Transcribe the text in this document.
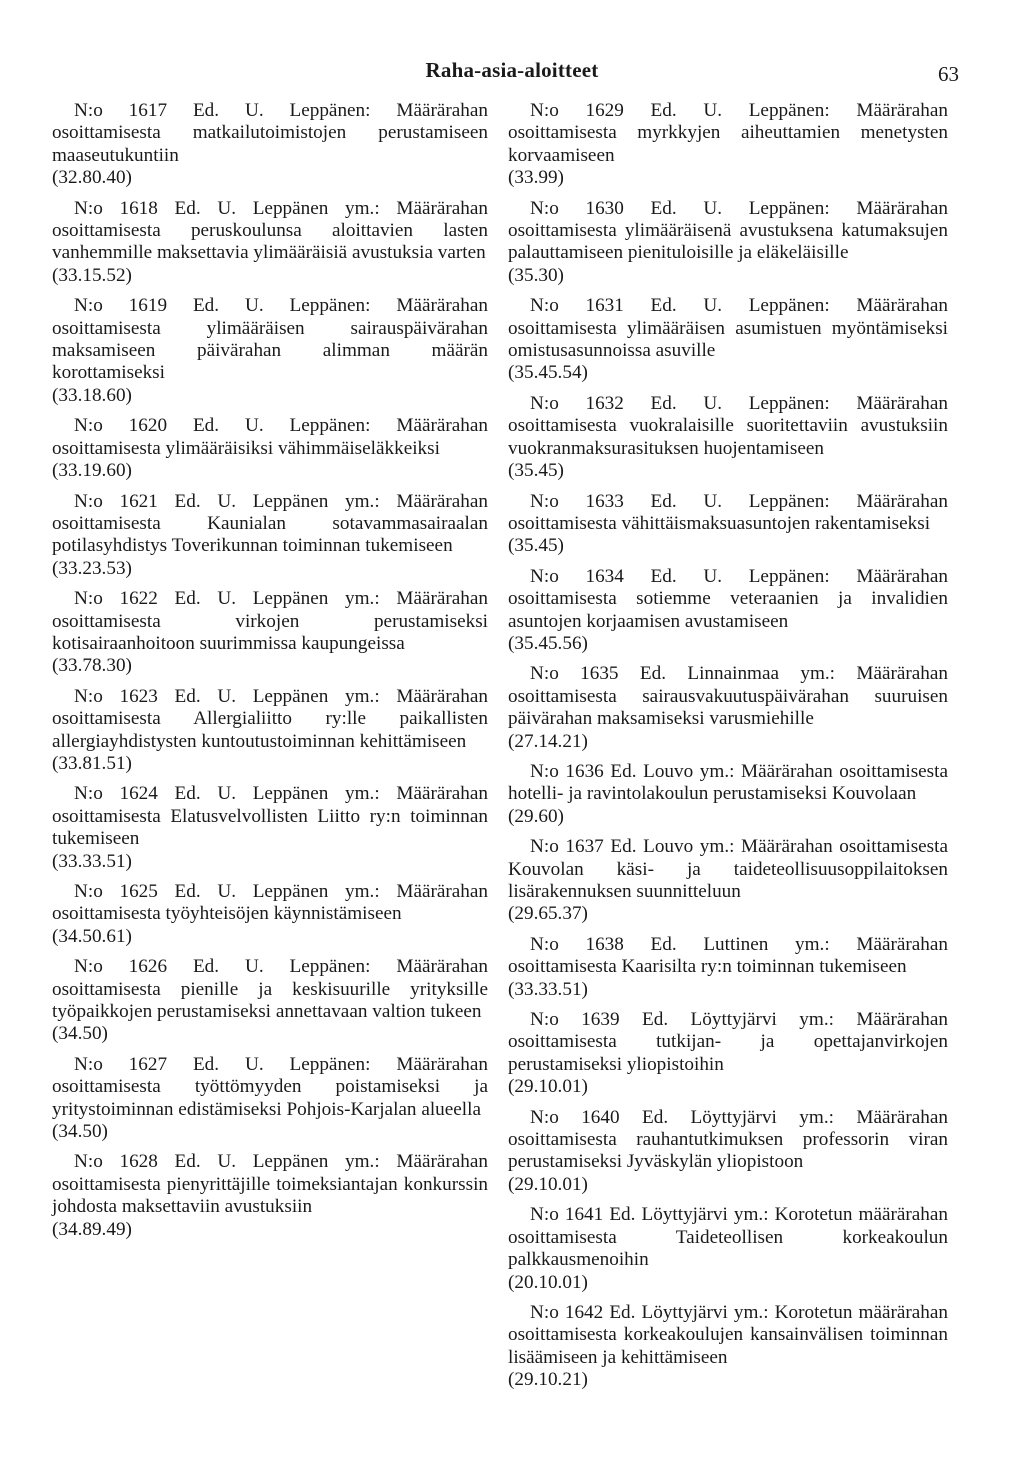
Raha-asia-aloitteet	63

N:o 1617 Ed. U. Leppänen: Määrärahan osoittamisesta matkailutoimistojen perustamiseen maaseutukuntiin

(32.80.40)

N:o 1618 Ed. U. Leppänen ym.: Määrärahan osoittamisesta peruskoulunsa aloittavien lasten vanhemmille maksettavia ylimääräisiä avustuksia varten

(33.15.52)

N:o 1619 Ed. U. Leppänen: Määrärahan osoittamisesta ylimääräisen sairauspäivärahan maksamiseen päivärahan alimman määrän korottamiseksi

(33.18.60)

N:o 1620 Ed. U. Leppänen: Määrärahan osoittamisesta ylimääräisiksi vähimmäiseläkkeiksi

(33.19.60)

N:o 1621 Ed. U. Leppänen ym.: Määrärahan osoittamisesta Kaunialan sotavammasairaalan potilasyhdistys Toverikunnan toiminnan tukemiseen

(33.23.53)

N:o 1622 Ed. U. Leppänen ym.: Määrärahan osoittamisesta virkojen perustamiseksi kotisairaanhoitoon suurimmissa kaupungeissa

(33.78.30)

N:o 1623 Ed. U. Leppänen ym.: Määrärahan osoittamisesta Allergialiitto ry:lle paikallisten allergiayhdistysten kuntoutustoiminnan kehittämiseen

(33.81.51)

N:o 1624 Ed. U. Leppänen ym.: Määrärahan osoittamisesta Elatusvelvollisten Liitto ry:n toiminnan tukemiseen

(33.33.51)

N:o 1625 Ed. U. Leppänen ym.: Määrärahan osoittamisesta työyhteisöjen käynnistämiseen

(34.50.61)

N:o 1626 Ed. U. Leppänen: Määrärahan osoittamisesta pienille ja keskisuurille yrityksille työpaikkojen perustamiseksi annettavaan valtion tukeen

(34.50)

N:o 1627 Ed. U. Leppänen: Määrärahan osoittamisesta työttömyyden poistamiseksi ja yritystoiminnan edistämiseksi Pohjois-Karjalan alueella

(34.50)

N:o 1628 Ed. U. Leppänen ym.: Määrärahan osoittamisesta pienyrittäjille toimeksiantajan konkurssin johdosta maksettaviin avustuksiin

(34.89.49)

N:o 1629 Ed. U. Leppänen: Määrärahan osoittamisesta myrkkyjen aiheuttamien menetysten korvaamiseen

(33.99)

N:o 1630 Ed. U. Leppänen: Määrärahan osoittamisesta ylimääräisenä avustuksena katumaksujen palauttamiseen pienituloisille ja eläkeläisille

(35.30)

N:o 1631 Ed. U. Leppänen: Määrärahan osoittamisesta ylimääräisen asumistuen myöntämiseksi omistusasunnoissa asuville

(35.45.54)

N:o 1632 Ed. U. Leppänen: Määrärahan osoittamisesta vuokralaisille suoritettaviin avustuksiin vuokranmaksurasituksen huojentamiseen

(35.45)

N:o 1633 Ed. U. Leppänen: Määrärahan osoittamisesta vähittäismaksuasuntojen rakentamiseksi

(35.45)

N:o 1634 Ed. U. Leppänen: Määrärahan osoittamisesta sotiemme veteraanien ja invalidien asuntojen korjaamisen avustamiseen

(35.45.56)

N:o 1635 Ed. Linnainmaa ym.: Määrärahan osoittamisesta sairausvakuutuspäivärahan suuruisen päivärahan maksamiseksi varusmiehille

(27.14.21)

N:o 1636 Ed. Louvo ym.: Määrärahan osoittamisesta hotelli- ja ravintolakoulun perustamiseksi Kouvolaan

(29.60)

N:o 1637 Ed. Louvo ym.: Määrärahan osoittamisesta Kouvolan käsi- ja taideteollisuusoppilaitoksen lisärakennuksen suunnitteluun

(29.65.37)

N:o 1638 Ed. Luttinen ym.: Määrärahan osoittamisesta Kaarisilta ry:n toiminnan tukemiseen

(33.33.51)

N:o 1639 Ed. Löyttyjärvi ym.: Määrärahan osoittamisesta tutkijan- ja opettajanvirkojen perustamiseksi yliopistoihin

(29.10.01)

N:o 1640 Ed. Löyttyjärvi ym.: Määrärahan osoittamisesta rauhantutkimuksen professorin viran perustamiseksi Jyväskylän yliopistoon

(29.10.01)

N:o 1641 Ed. Löyttyjärvi ym.: Korotetun määrärahan osoittamisesta Taideteollisen korkeakoulun palkkausmenoihin

(20.10.01)

N:o 1642 Ed. Löyttyjärvi ym.: Korotetun määrärahan osoittamisesta korkeakoulujen kansainvälisen toiminnan lisäämiseen ja kehittämiseen

(29.10.21)
